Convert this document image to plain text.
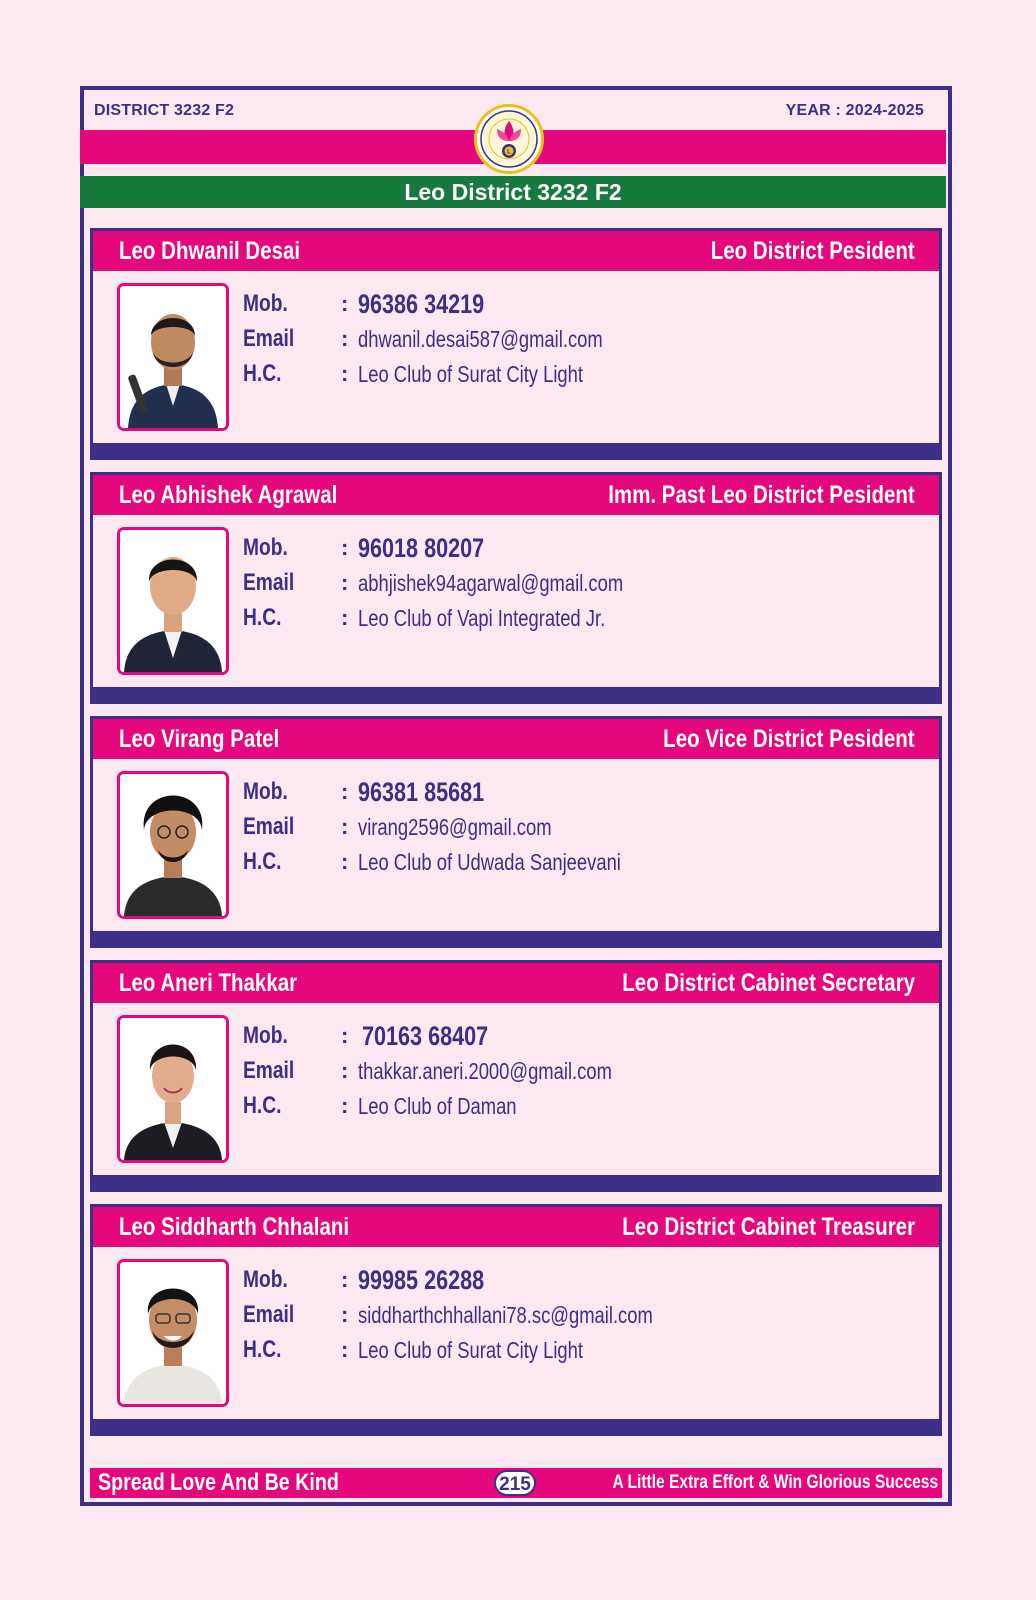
DISTRICT 3232 F2	YEAR : 2024-2025
L
Leo District 3232 F2
Leo Dhwanil Desai	Leo District Pesident
Mob. : 96386 34219
Email : dhwanil.desai587@gmail.com
H.C.	: Leo Club of Surat City Light
Leo Abhishek Agrawal	Imm. Past Leo District Pesident
Mob. : 96018 80207
Email : abhjishek94agarwal@gmail.com
H.C.	: Leo Club of Vapi Integrated Jr.
Leo Virang Patel	Leo Vice District Pesident
Mob. : 96381 85681
Email : virang2596@gmail.com
H.C.	: Leo Club of Udwada Sanjeevani
Leo Aneri Thakkar	Leo District Cabinet Secretary
Mob. : 70163 68407
Email : thakkar.aneri.2000@gmail.com
H.C.	: Leo Club of Daman
Leo Siddharth Chhalani	Leo District Cabinet Treasurer
Mob. : 99985 26288
Email : siddharthchhallani78.sc@gmail.com
H.C.	: Leo Club of Surat City Light
Spread Love And Be Kind	215	A Little Extra Effort & Win Glorious Success
